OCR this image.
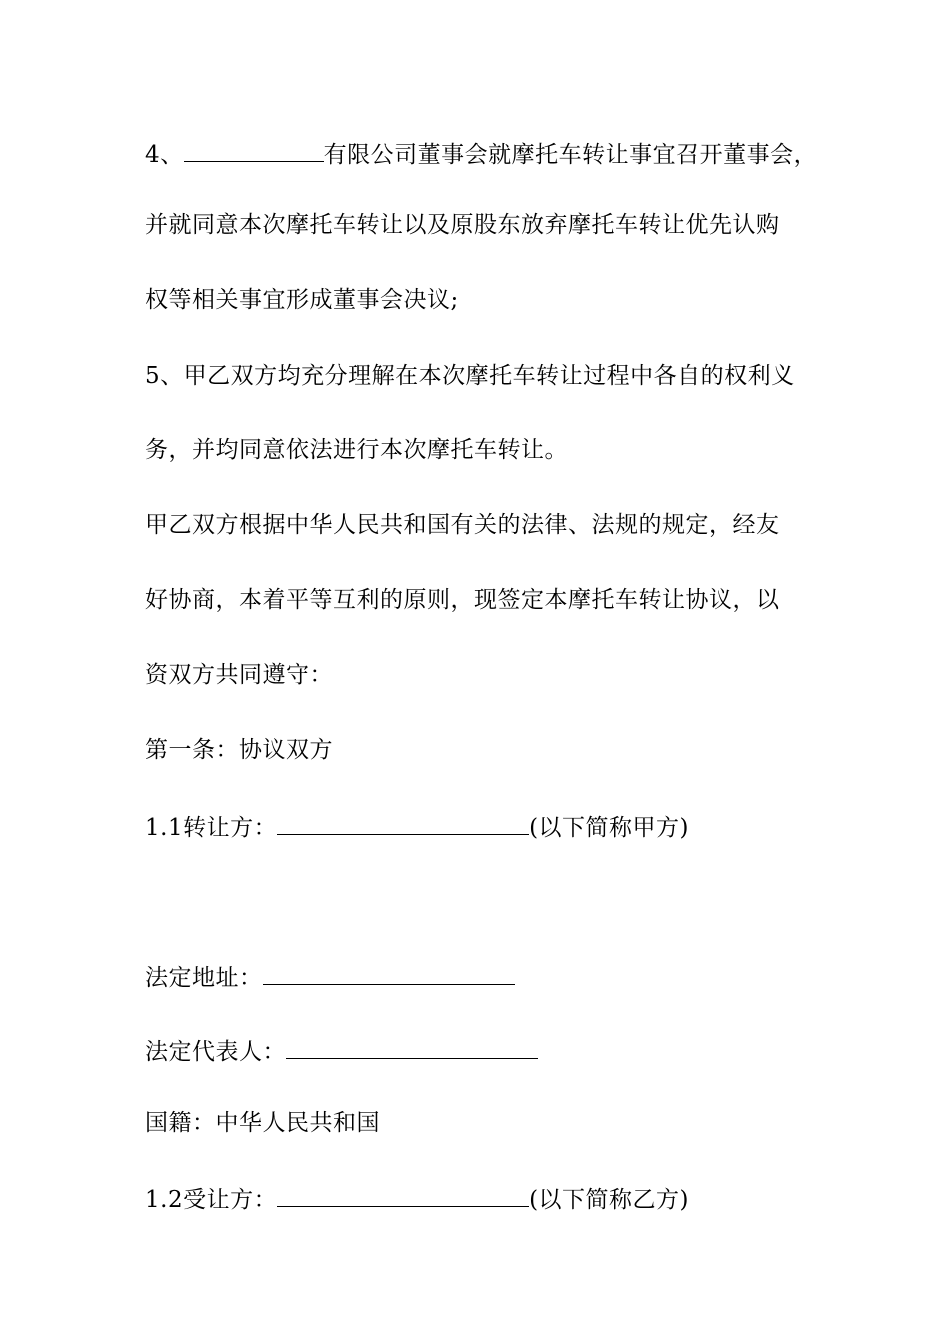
4、	有限公司董事会就摩托车转让事宜召开董事会，
并就同意本次摩托车转让以及原股东放弃摩托车转让优先认购
权等相关事宜形成董事会决议;
5、甲乙双方均充分理解在本次摩托车转让过程中各自的权利义
务，并均同意依法进行本次摩托车转让。
甲乙双方根据中华人民共和国有关的法律、法规的规定，经友
好协商，本着平等互利的原则，现签定本摩托车转让协议，以
资双方共同遵守：
第一条：协议双方
1.1转让方：	(以下简称甲方)
法定地址：
法定代表人：
国籍：中华人民共和国
1.2受让方：	(以下简称乙方)
